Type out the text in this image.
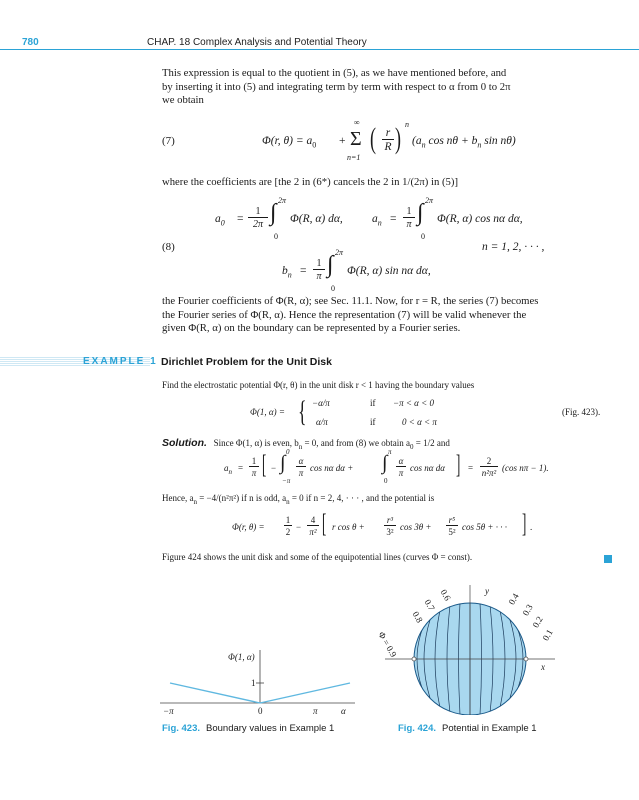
780	CHAP. 18 Complex Analysis and Potential Theory
This expression is equal to the quotient in (5), as we have mentioned before, and
by inserting it into (5) and integrating term by term with respect to α from 0 to 2π
we obtain
(7)	Φ(r, $\theta) = a_0$ +
∞
Σ
n=1
( r
R ) n
($a_n$ $\cos n\theta + b_n$ sin nθ)
where the coefficients are [the 2 in (6*) cancels the 2 in 1/(2π) in (5)]
$a_0$ =
1
2π ∫ 2π
0
Φ(R, α) dα,	$a_n$ =
1
π ∫ 2π
0
Φ(R, α) cos nα dα,
n = 1, 2, · · · ,
$b_n$ =
1
π ∫ 2π
0
Φ(R, α) sin nα dα,
(8)
the Fourier coefficients of Φ(R, α); see Sec. 11.1. Now, for r = R, the series (7) becomes
the Fourier series of Φ(R, α). Hence the representation (7) will be valid whenever the
given Φ(R, α) on the boundary can be represented by a Fourier series.
EXAMPLE 1 Dirichlet Problem for the Unit Disk
Find the electrostatic potential Φ(r, θ) in the unit disk r < 1 having the boundary values
Φ(1, α) = { −α/π	if −π < α < 0
α/π	if	0 < α < π
(Fig. 423).
Solution. Since Φ(1, α) is even, $b_n = 0$, and from (8) we obtain $a_0 = 1/2$ and
$a_n$ =
1
π [ − ∫ 0
−π
α
π cos nα dα + ∫ π
0
α
π cos nα dα ] =
2
n²π² (cos nπ − 1).
Hence, $a_n = -4/(n^2\pi^2)$ if n is odd, $a_n = 0$ if n = 2, 4, · · · , and the potential is
Φ(r, θ) =
1
2 −
4
π² [ r cos θ +
r³
3² cos 3θ +
r⁵
5² cos 5θ + · · · ] .
Figure 424 shows the unit disk and some of the equipotential lines (curves Φ = const).
Φ(1, α)
1
−π	0	π	α
Fig. 423. Boundary values in Example 1
y
x
Φ = 0.9
0.8
0.7
0.6	0.4
0.3
0.2
0.1
Fig. 424. Potential in Example 1
